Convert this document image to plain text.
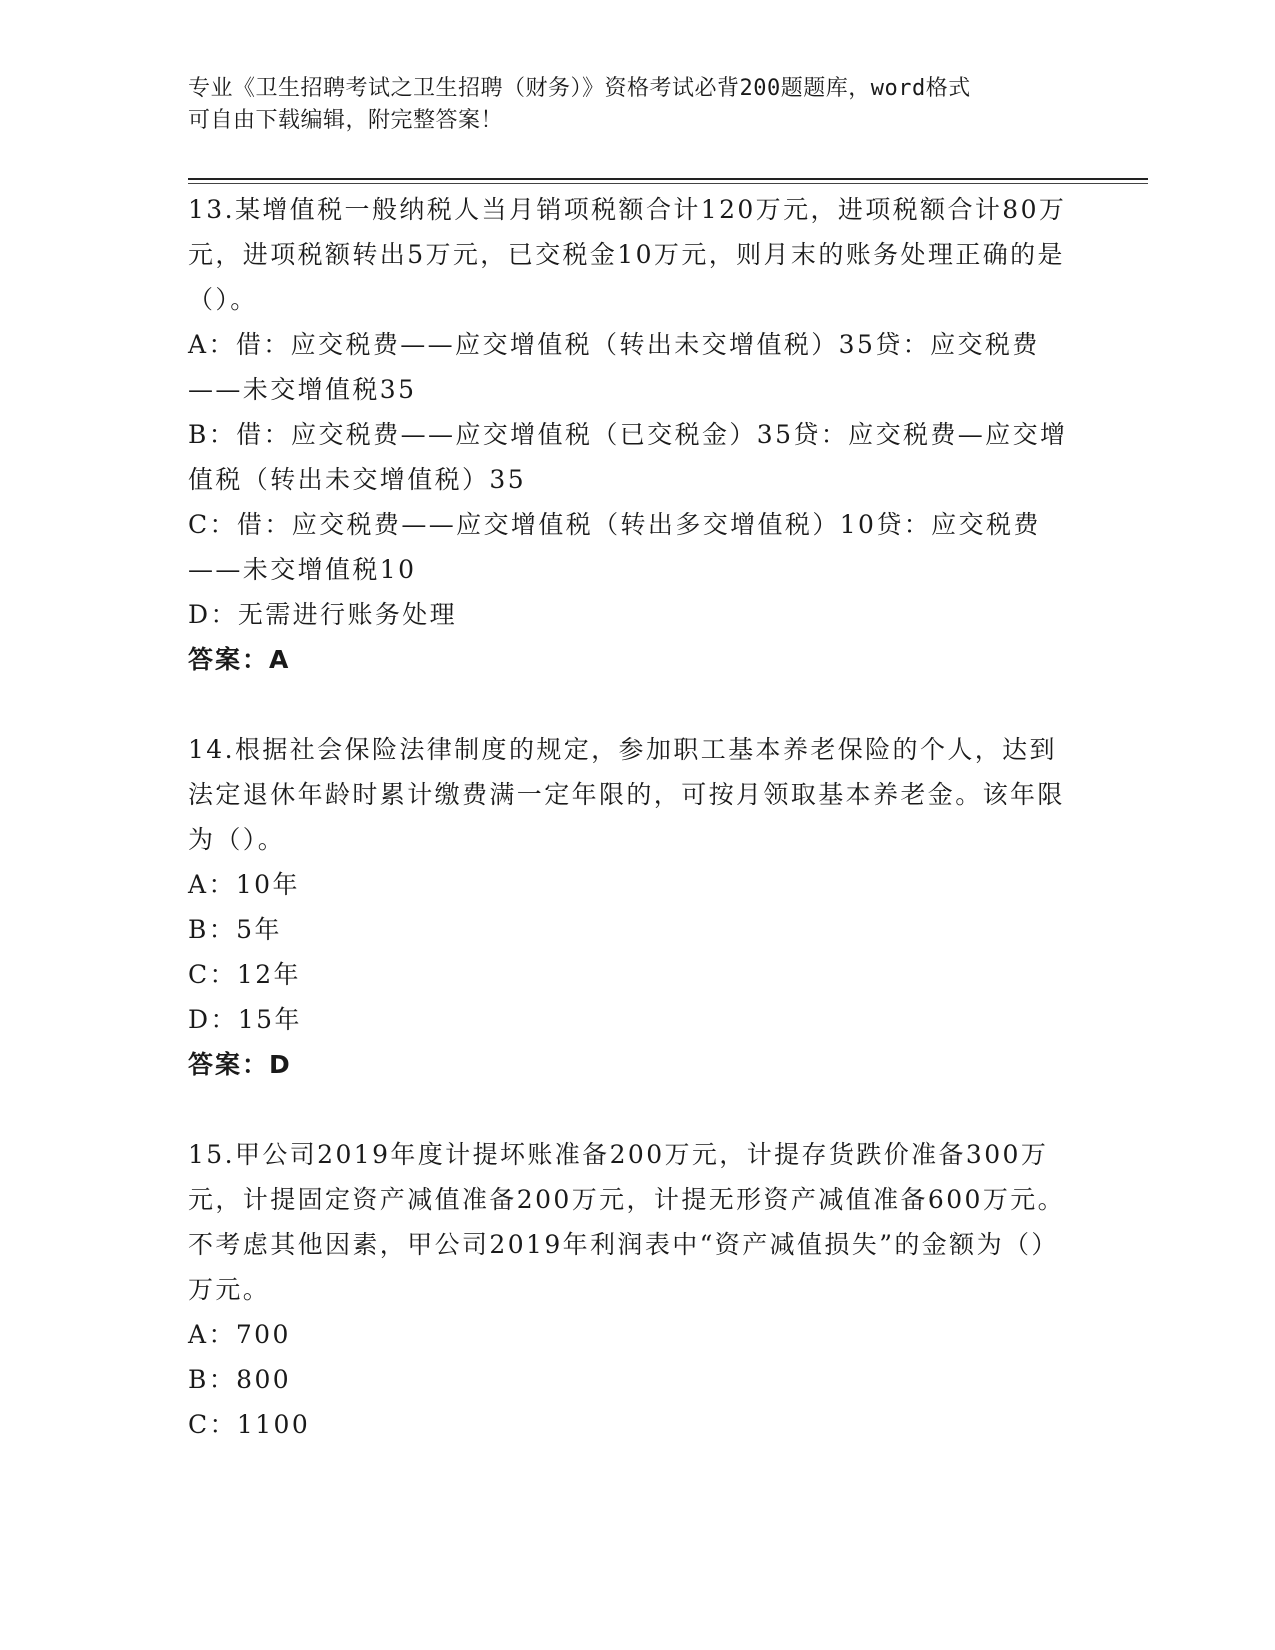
专业《卫生招聘考试之卫生招聘（财务）》资格考试必背200题题库，word格式
可自由下载编辑，附完整答案！

13.某增值税一般纳税人当月销项税额合计120万元，进项税额合计80万元，进项税额转出5万元，已交税金10万元，则月末的账务处理正确的是（）。

A：借：应交税费——应交增值税（转出未交增值税）35贷：应交税费——未交增值税35

B：借：应交税费——应交增值税（已交税金）35贷：应交税费—应交增值税（转出未交增值税）35

C：借：应交税费——应交增值税（转出多交增值税）10贷：应交税费——未交增值税10

D：无需进行账务处理

答案：A

14.根据社会保险法律制度的规定，参加职工基本养老保险的个人，达到法定退休年龄时累计缴费满一定年限的，可按月领取基本养老金。该年限为（）。

A：10年

B：5年

C：12年

D：15年

答案：D

15.甲公司2019年度计提坏账准备200万元，计提存货跌价准备300万元，计提固定资产减值准备200万元，计提无形资产减值准备600万元。不考虑其他因素，甲公司2019年利润表中“资产减值损失”的金额为（）万元。

A：700

B：800

C：1100
